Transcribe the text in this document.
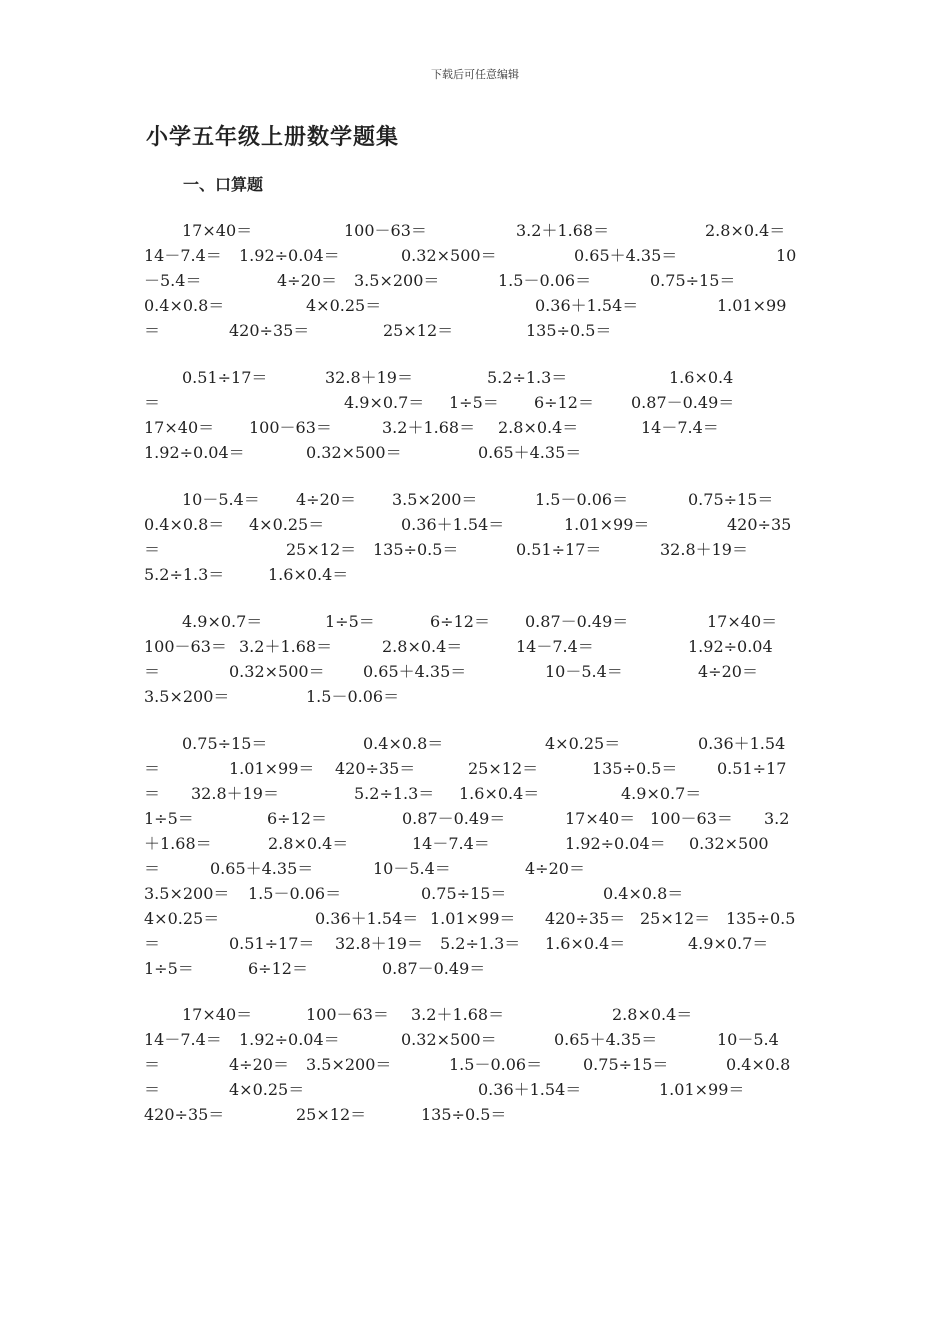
下载后可任意编辑
小学五年级上册数学题集
一、口算题
17×40＝	100－63＝	3.2＋1.68＝	2.8×0.4＝
14－7.4＝ 1.92÷0.04＝	0.32×500＝	0.65＋4.35＝	10
－5.4＝	4÷20＝ 3.5×200＝	1.5－0.06＝	0.75÷15＝
0.4×0.8＝	4×0.25＝	0.36＋1.54＝	1.01×99
＝	420÷35＝	25×12＝	135÷0.5＝
0.51÷17＝	32.8＋19＝	5.2÷1.3＝	1.6×0.4
＝	4.9×0.7＝ 1÷5＝ 6÷12＝ 0.87－0.49＝
17×40＝ 100－63＝	3.2＋1.68＝ 2.8×0.4＝	14－7.4＝
1.92÷0.04＝	0.32×500＝	0.65＋4.35＝
10－5.4＝ 4÷20＝ 3.5×200＝	1.5－0.06＝	0.75÷15＝
0.4×0.8＝ 4×0.25＝	0.36＋1.54＝	1.01×99＝	420÷35
＝	25×12＝ 135÷0.5＝	0.51÷17＝	32.8＋19＝
5.2÷1.3＝	1.6×0.4＝
4.9×0.7＝	1÷5＝	6÷12＝ 0.87－0.49＝	17×40＝
100－63＝ 3.2＋1.68＝	2.8×0.4＝	14－7.4＝	1.92÷0.04
＝	0.32×500＝ 0.65＋4.35＝	10－5.4＝	4÷20＝
3.5×200＝	1.5－0.06＝
0.75÷15＝	0.4×0.8＝	4×0.25＝	0.36＋1.54
＝	1.01×99＝ 420÷35＝	25×12＝	135÷0.5＝ 0.51÷17
＝ 32.8＋19＝	5.2÷1.3＝ 1.6×0.4＝	4.9×0.7＝
1÷5＝	6÷12＝	0.87－0.49＝	17×40＝ 100－63＝ 3.2
＋1.68＝	2.8×0.4＝	14－7.4＝	1.92÷0.04＝ 0.32×500
＝	0.65＋4.35＝	10－5.4＝	4÷20＝
3.5×200＝ 1.5－0.06＝	0.75÷15＝	0.4×0.8＝
4×0.25＝	0.36＋1.54＝ 1.01×99＝ 420÷35＝ 25×12＝ 135÷0.5
＝	0.51÷17＝ 32.8＋19＝ 5.2÷1.3＝ 1.6×0.4＝	4.9×0.7＝
1÷5＝	6÷12＝	0.87－0.49＝
17×40＝	100－63＝ 3.2＋1.68＝	2.8×0.4＝
14－7.4＝ 1.92÷0.04＝	0.32×500＝	0.65＋4.35＝	10－5.4
＝	4÷20＝ 3.5×200＝	1.5－0.06＝	0.75÷15＝	0.4×0.8
＝	4×0.25＝	0.36＋1.54＝	1.01×99＝
420÷35＝	25×12＝	135÷0.5＝
